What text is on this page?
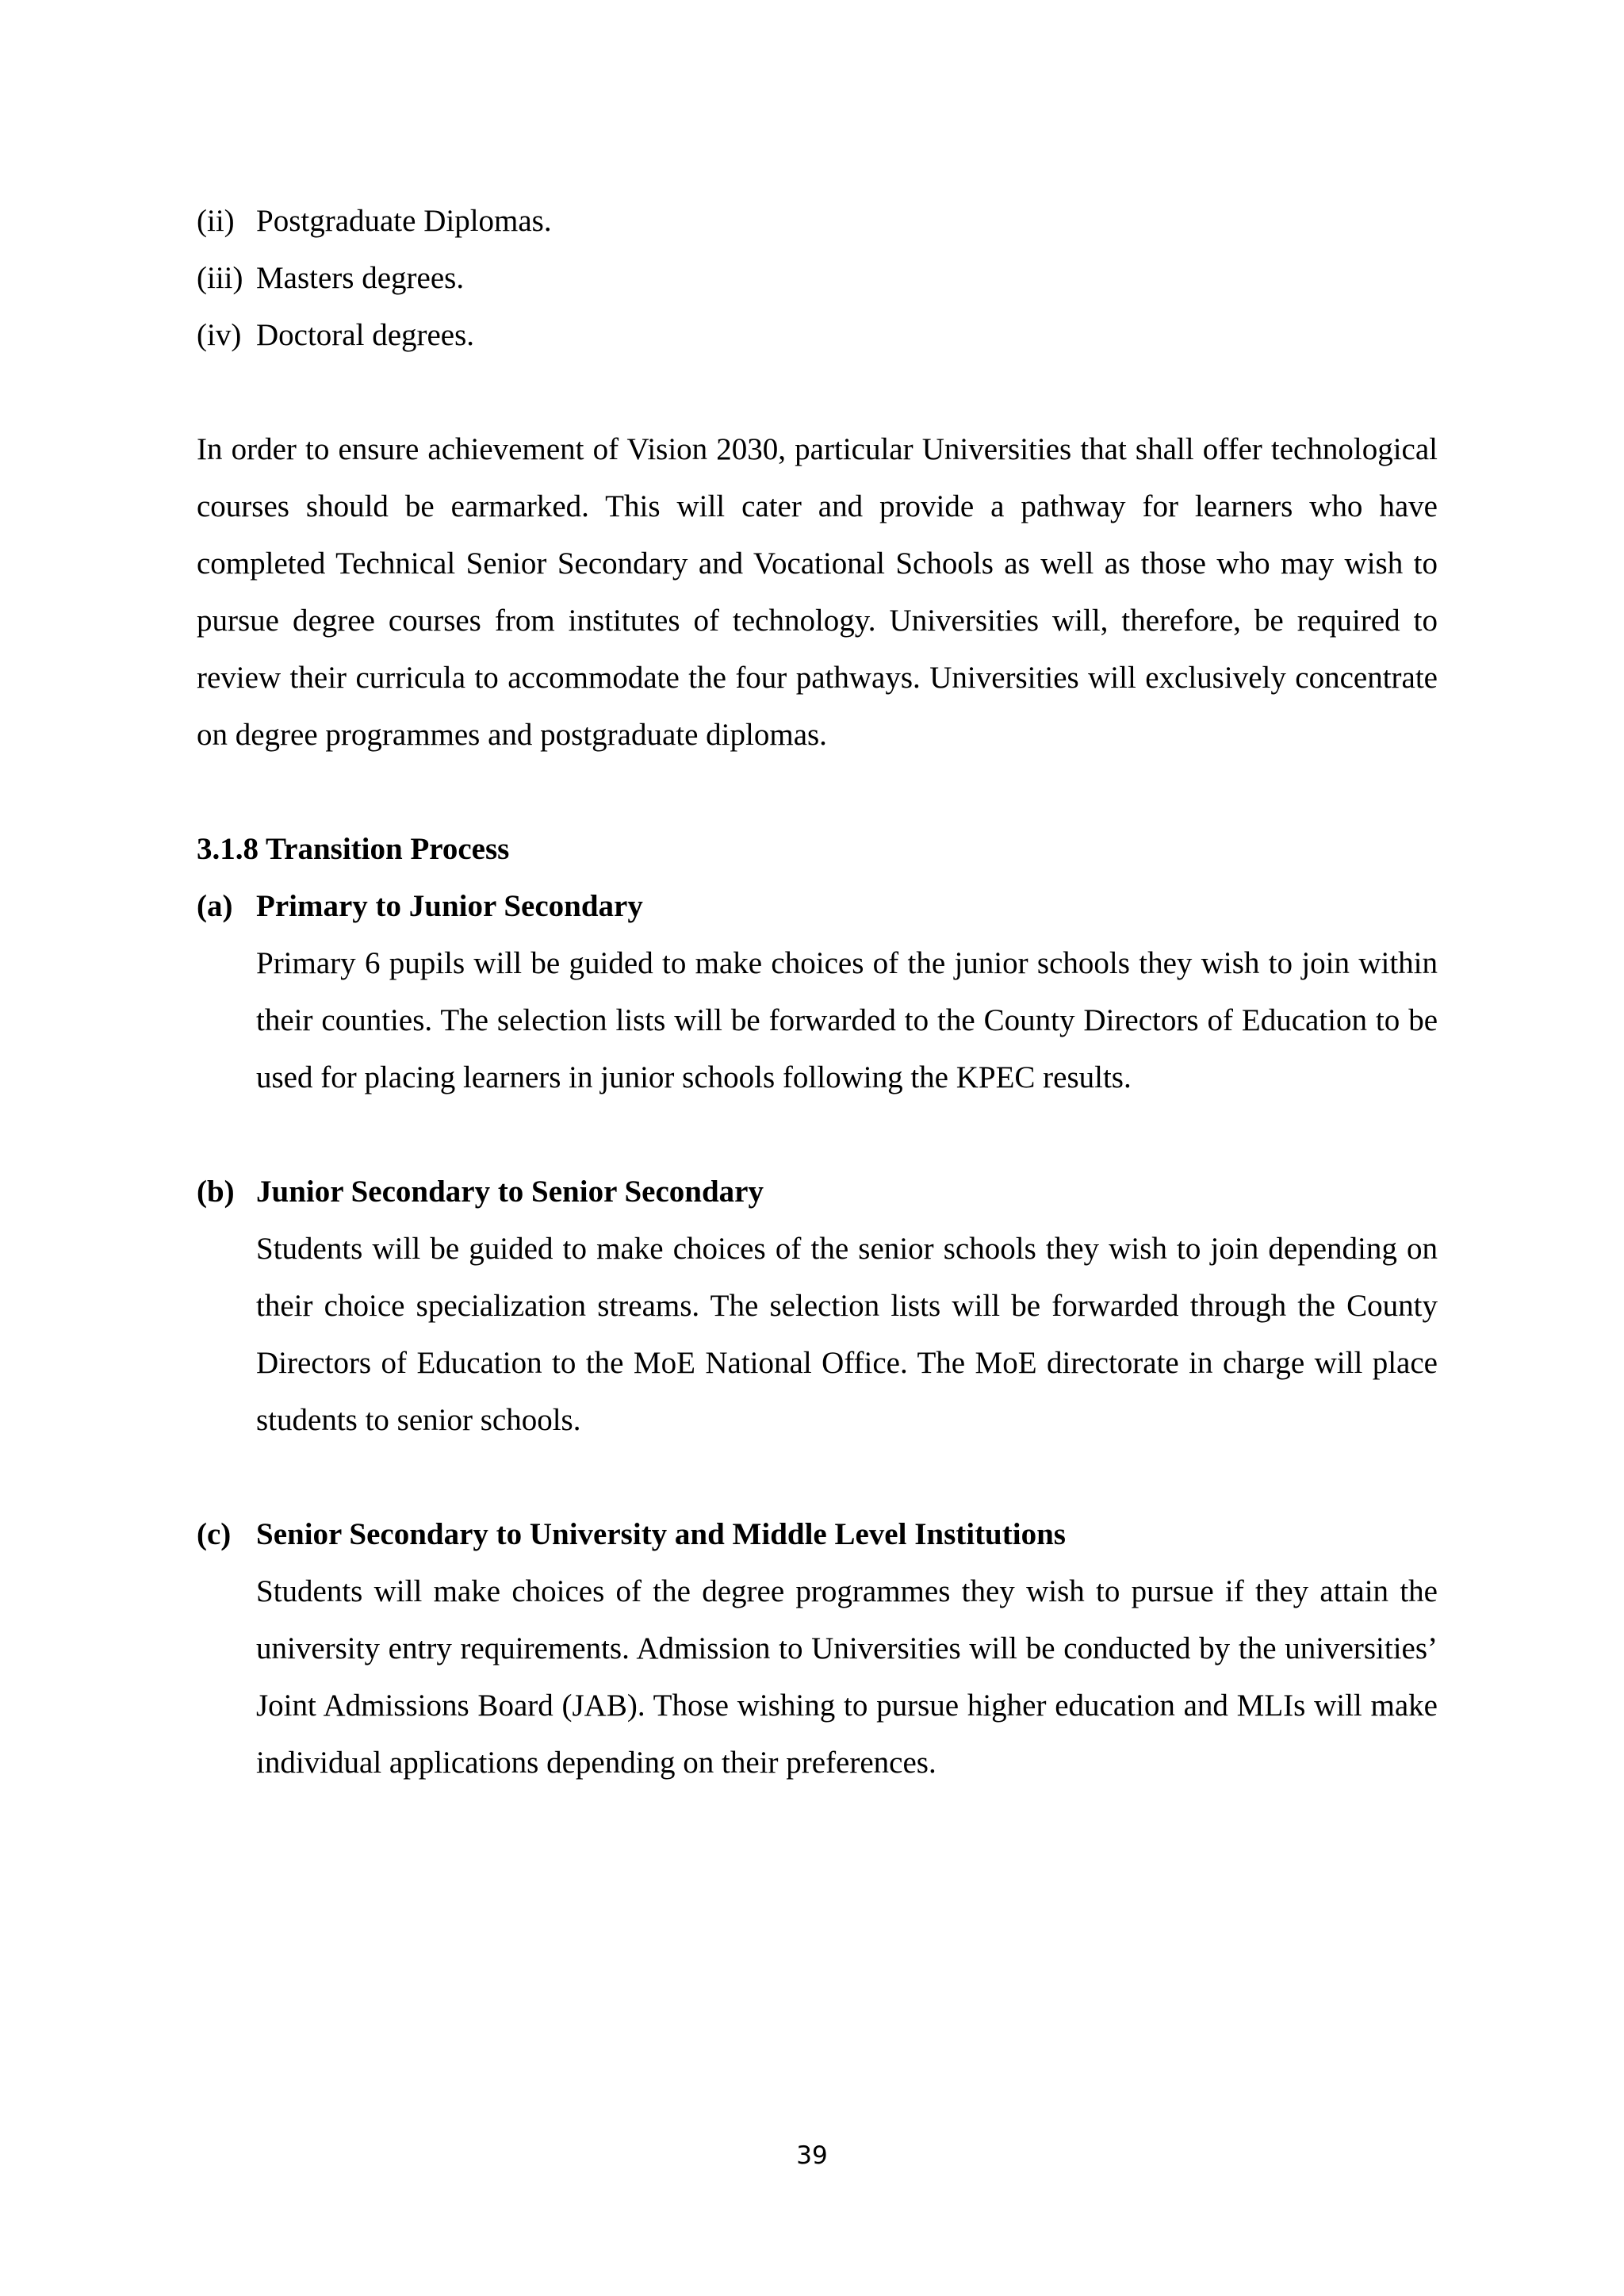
(ii) Postgraduate Diplomas.
(iii) Masters degrees.
(iv) Doctoral degrees.

In order to ensure achievement of Vision 2030, particular Universities that shall offer technological courses should be earmarked. This will cater and provide a pathway for learners who have completed Technical Senior Secondary and Vocational Schools as well as those who may wish to pursue degree courses from institutes of technology. Universities will, therefore, be required to review their curricula to accommodate the four pathways. Universities will exclusively concentrate on degree programmes and postgraduate diplomas.

3.1.8 Transition Process
(a) Primary to Junior Secondary

Primary 6 pupils will be guided to make choices of the junior schools they wish to join within their counties. The selection lists will be forwarded to the County Directors of Education to be used for placing learners in junior schools following the KPEC results.

(b) Junior Secondary to Senior Secondary

Students will be guided to make choices of the senior schools they wish to join depending on their choice specialization streams. The selection lists will be forwarded through the County Directors of Education to the MoE National Office. The MoE directorate in charge will place students to senior schools.

(c) Senior Secondary to University and Middle Level Institutions

Students will make choices of the degree programmes they wish to pursue if they attain the university entry requirements. Admission to Universities will be conducted by the universities’ Joint Admissions Board (JAB). Those wishing to pursue higher education and MLIs will make individual applications depending on their preferences.

39
